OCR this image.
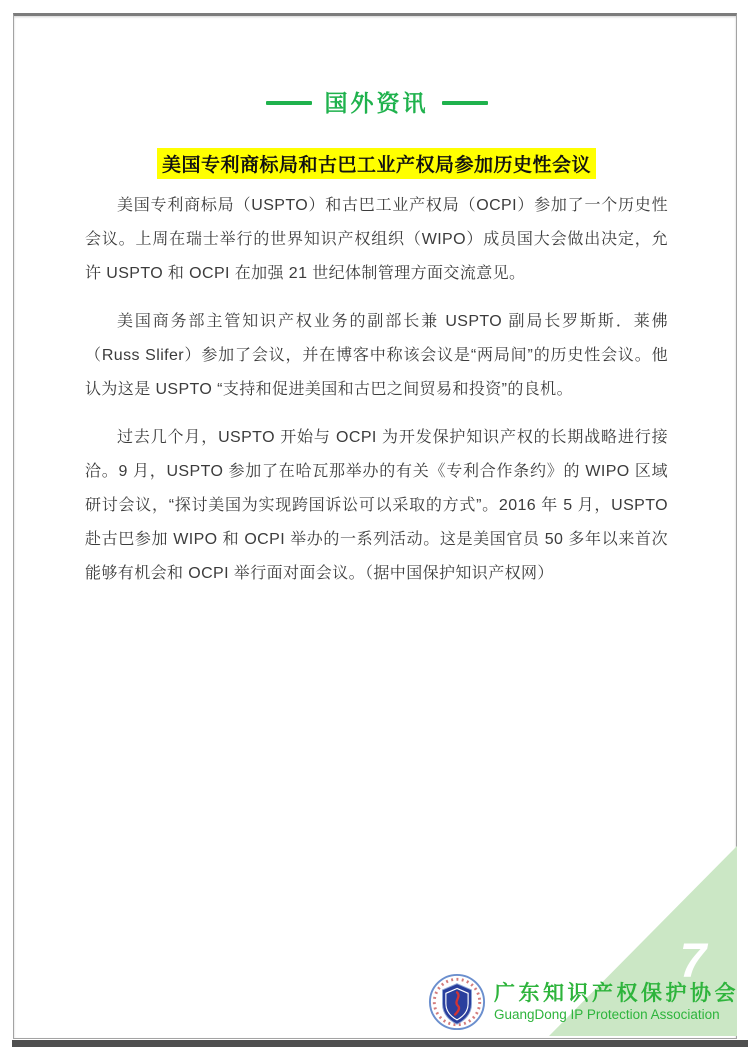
7
国外资讯
美国专利商标局和古巴工业产权局参加历史性会议

美国专利商标局（USPTO）和古巴工业产权局（OCPI）参加了一个历史性会议。上周在瑞士举行的世界知识产权组织（WIPO）成员国大会做出决定，允许 USPTO 和 OCPI 在加强 21 世纪体制管理方面交流意见。

美国商务部主管知识产权业务的副部长兼 USPTO 副局长罗斯斯．莱佛（Russ Slifer）参加了会议，并在博客中称该会议是“两局间”的历史性会议。他认为这是 USPTO “支持和促进美国和古巴之间贸易和投资”的良机。

过去几个月，USPTO 开始与 OCPI 为开发保护知识产权的长期战略进行接洽。9 月，USPTO 参加了在哈瓦那举办的有关《专利合作条约》的 WIPO 区域研讨会议，“探讨美国为实现跨国诉讼可以采取的方式”。2016 年 5 月，USPTO 赴古巴参加 WIPO 和 OCPI 举办的一系列活动。这是美国官员 50 多年以来首次能够有机会和 OCPI 举行面对面会议。（据中国保护知识产权网）

广东知识产权保护协会
GuangDong IP Protection Association
